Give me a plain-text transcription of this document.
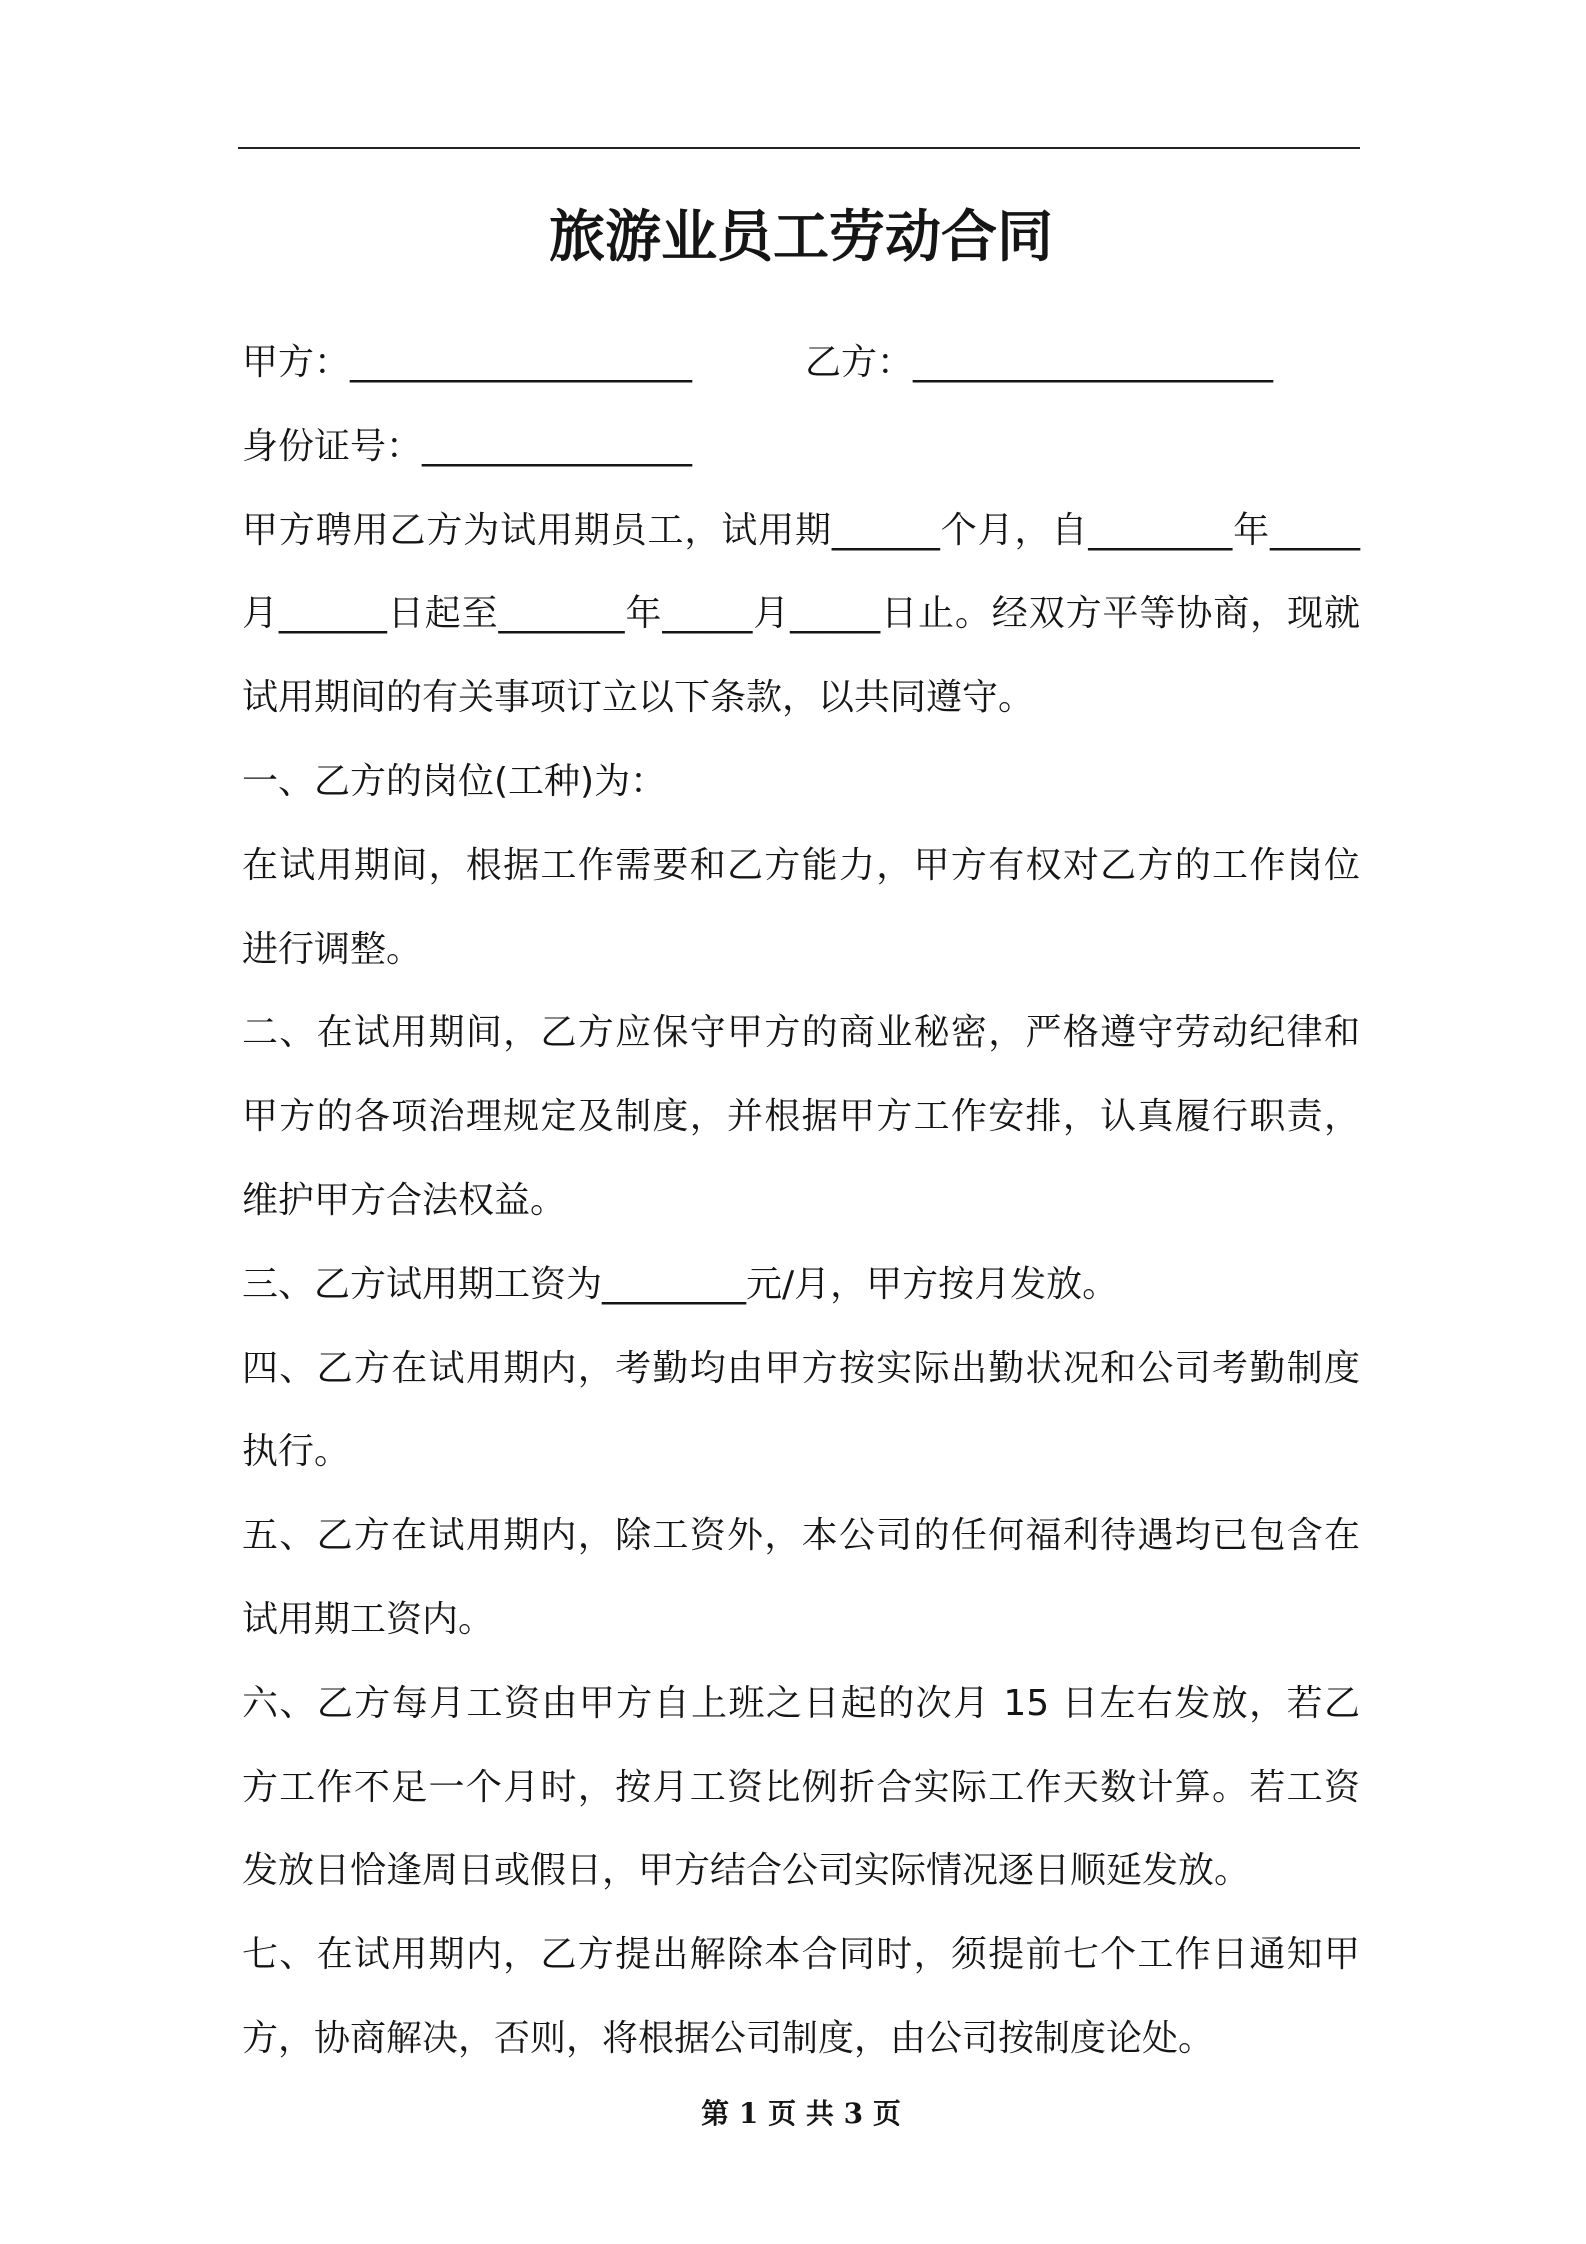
旅游业员工劳动合同
甲方：___________________	乙方：____________________
身份证号：_______________
甲方聘用乙方为试用期员工，试用期______个月，自________年_____
月______日起至_______年_____月_____日止。经双方平等协商，现就
试用期间的有关事项订立以下条款，以共同遵守。
一、乙方的岗位(工种)为：
在试用期间，根据工作需要和乙方能力，甲方有权对乙方的工作岗位
进行调整。
二、在试用期间，乙方应保守甲方的商业秘密，严格遵守劳动纪律和
甲方的各项治理规定及制度，并根据甲方工作安排，认真履行职责，
维护甲方合法权益。
三、乙方试用期工资为________元/月，甲方按月发放。
四、乙方在试用期内，考勤均由甲方按实际出勤状况和公司考勤制度
执行。
五、乙方在试用期内，除工资外，本公司的任何福利待遇均已包含在
试用期工资内。
六、乙方每月工资由甲方自上班之日起的次月 15 日左右发放，若乙
方工作不足一个月时，按月工资比例折合实际工作天数计算。若工资
发放日恰逢周日或假日，甲方结合公司实际情况逐日顺延发放。
七、在试用期内，乙方提出解除本合同时，须提前七个工作日通知甲
方，协商解决，否则，将根据公司制度，由公司按制度论处。
第 1 页 共 3 页
